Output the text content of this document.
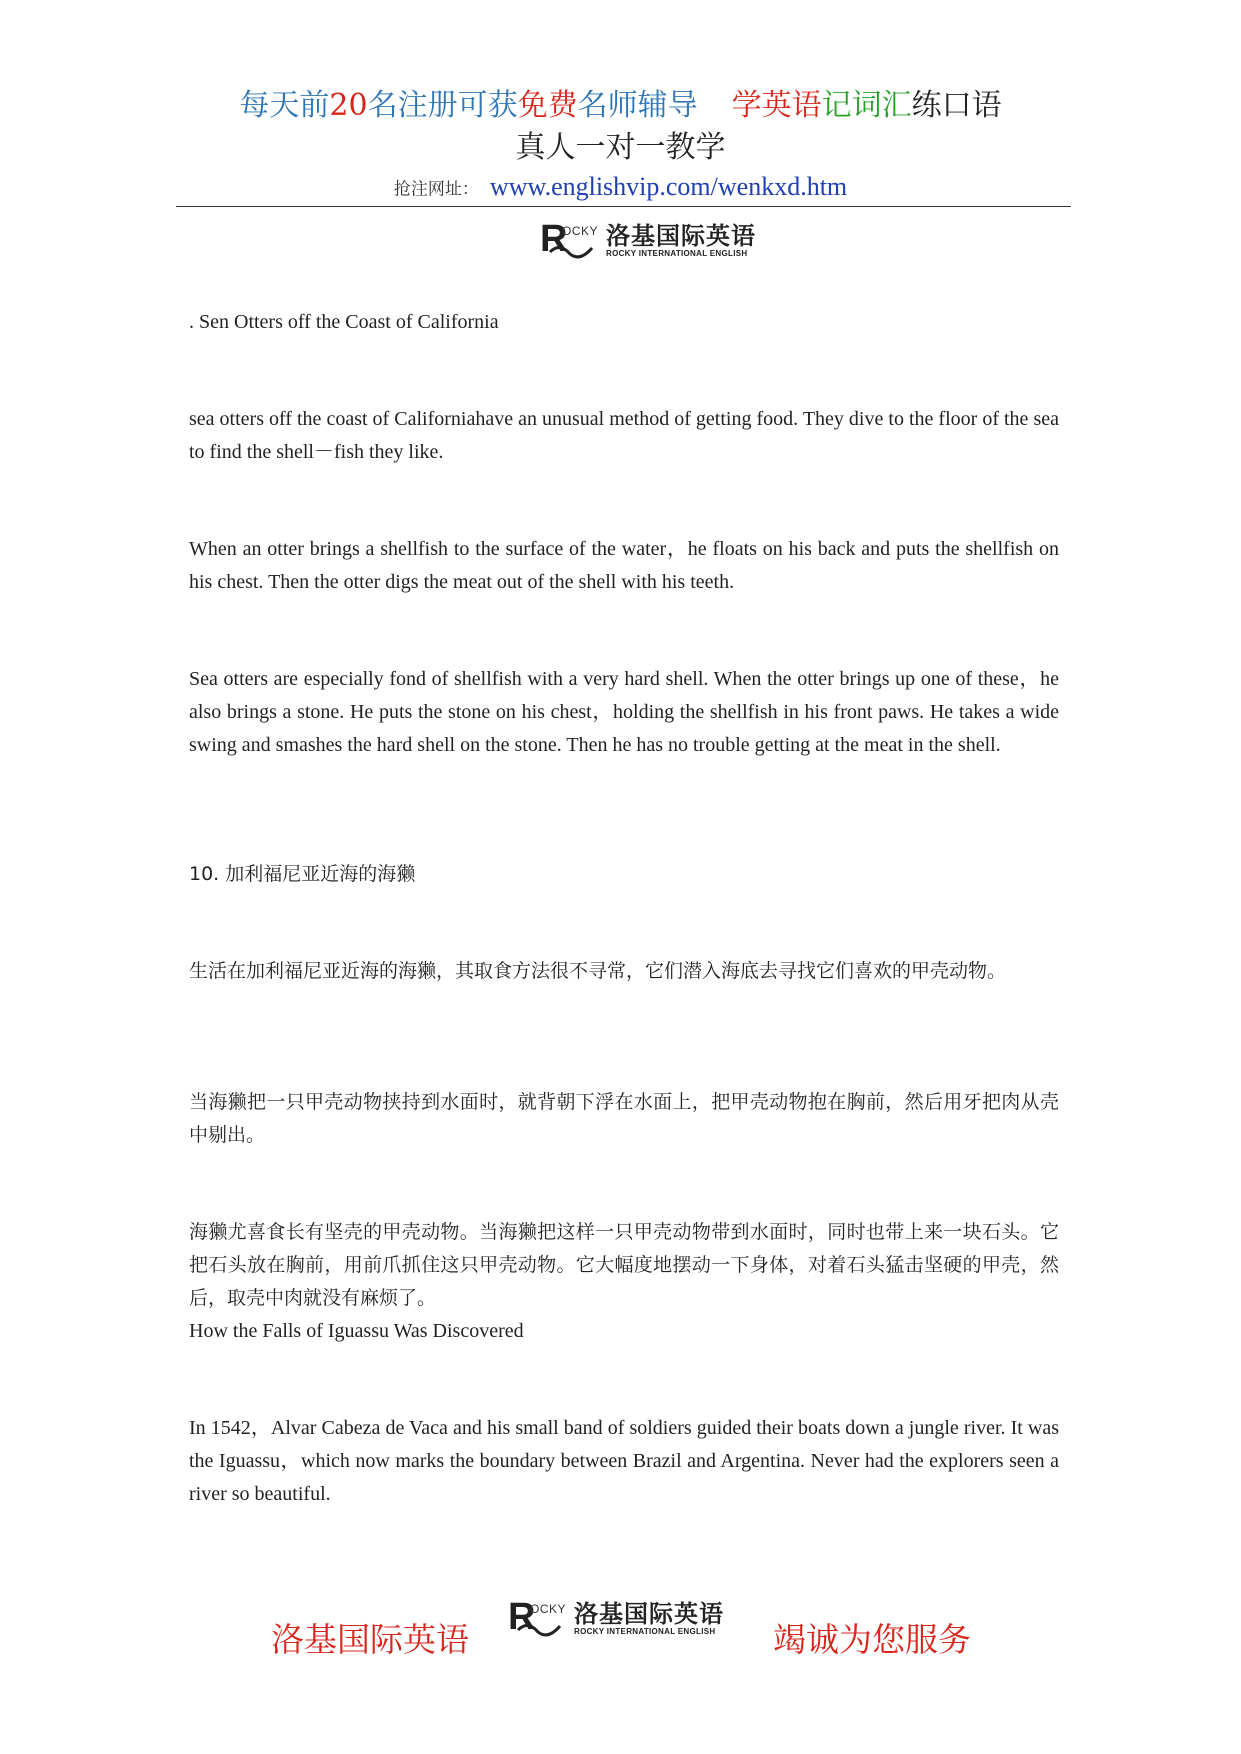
每天前20名注册可获免费名师辅导 学英语记词汇练口语
真人一对一教学
抢注网址： www.englishvip.com/wenkxd.htm
R
OCKY 洛基国际英语
ROCKY INTERNATIONAL ENGLISH

. Sen Otters off the Coast of California

sea otters off the coast of Californiahave an unusual method of getting food. They dive to the floor of the sea to find the shell－fish they like.

When an otter brings a shellfish to the surface of the water，he floats on his back and puts the shellfish on his chest. Then the otter digs the meat out of the shell with his teeth.

Sea otters are especially fond of shellfish with a very hard shell. When the otter brings up one of these，he also brings a stone. He puts the stone on his chest，holding the shellfish in his front paws. He takes a wide swing and smashes the hard shell on the stone. Then he has no trouble getting at the meat in the shell.

10. 加利福尼亚近海的海獭

生活在加利福尼亚近海的海獭，其取食方法很不寻常，它们潜入海底去寻找它们喜欢的甲壳动物。

当海獭把一只甲壳动物挟持到水面时，就背朝下浮在水面上，把甲壳动物抱在胸前，然后用牙把肉从壳中剔出。

海獭尤喜食长有坚壳的甲壳动物。当海獭把这样一只甲壳动物带到水面时，同时也带上来一块石头。它把石头放在胸前，用前爪抓住这只甲壳动物。它大幅度地摆动一下身体，对着石头猛击坚硬的甲壳，然后，取壳中肉就没有麻烦了。

How the Falls of Iguassu Was Discovered

In 1542，Alvar Cabeza de Vaca and his small band of soldiers guided their boats down a jungle river. It was the Iguassu，which now marks the boundary between Brazil and Argentina. Never had the explorers seen a river so beautiful.

洛基国际英语
R
OCKY 洛基国际英语
ROCKY INTERNATIONAL ENGLISH 竭诚为您服务
